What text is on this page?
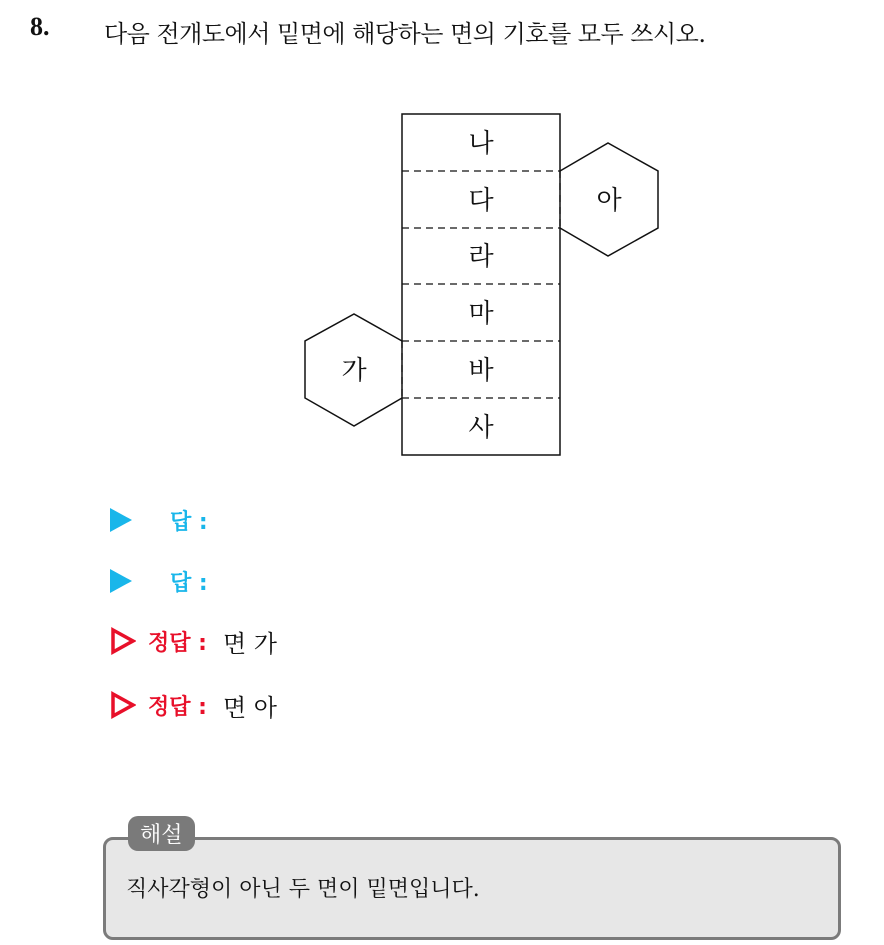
8. 다음 전개도에서 밑면에 해당하는 면의 기호를 모두 쓰시오.
나
다
라
마
바
사
아
가
답 :
답 :
정답 : 면 가
정답 : 면 아
해설
직사각형이 아닌 두 면이 밑면입니다.
